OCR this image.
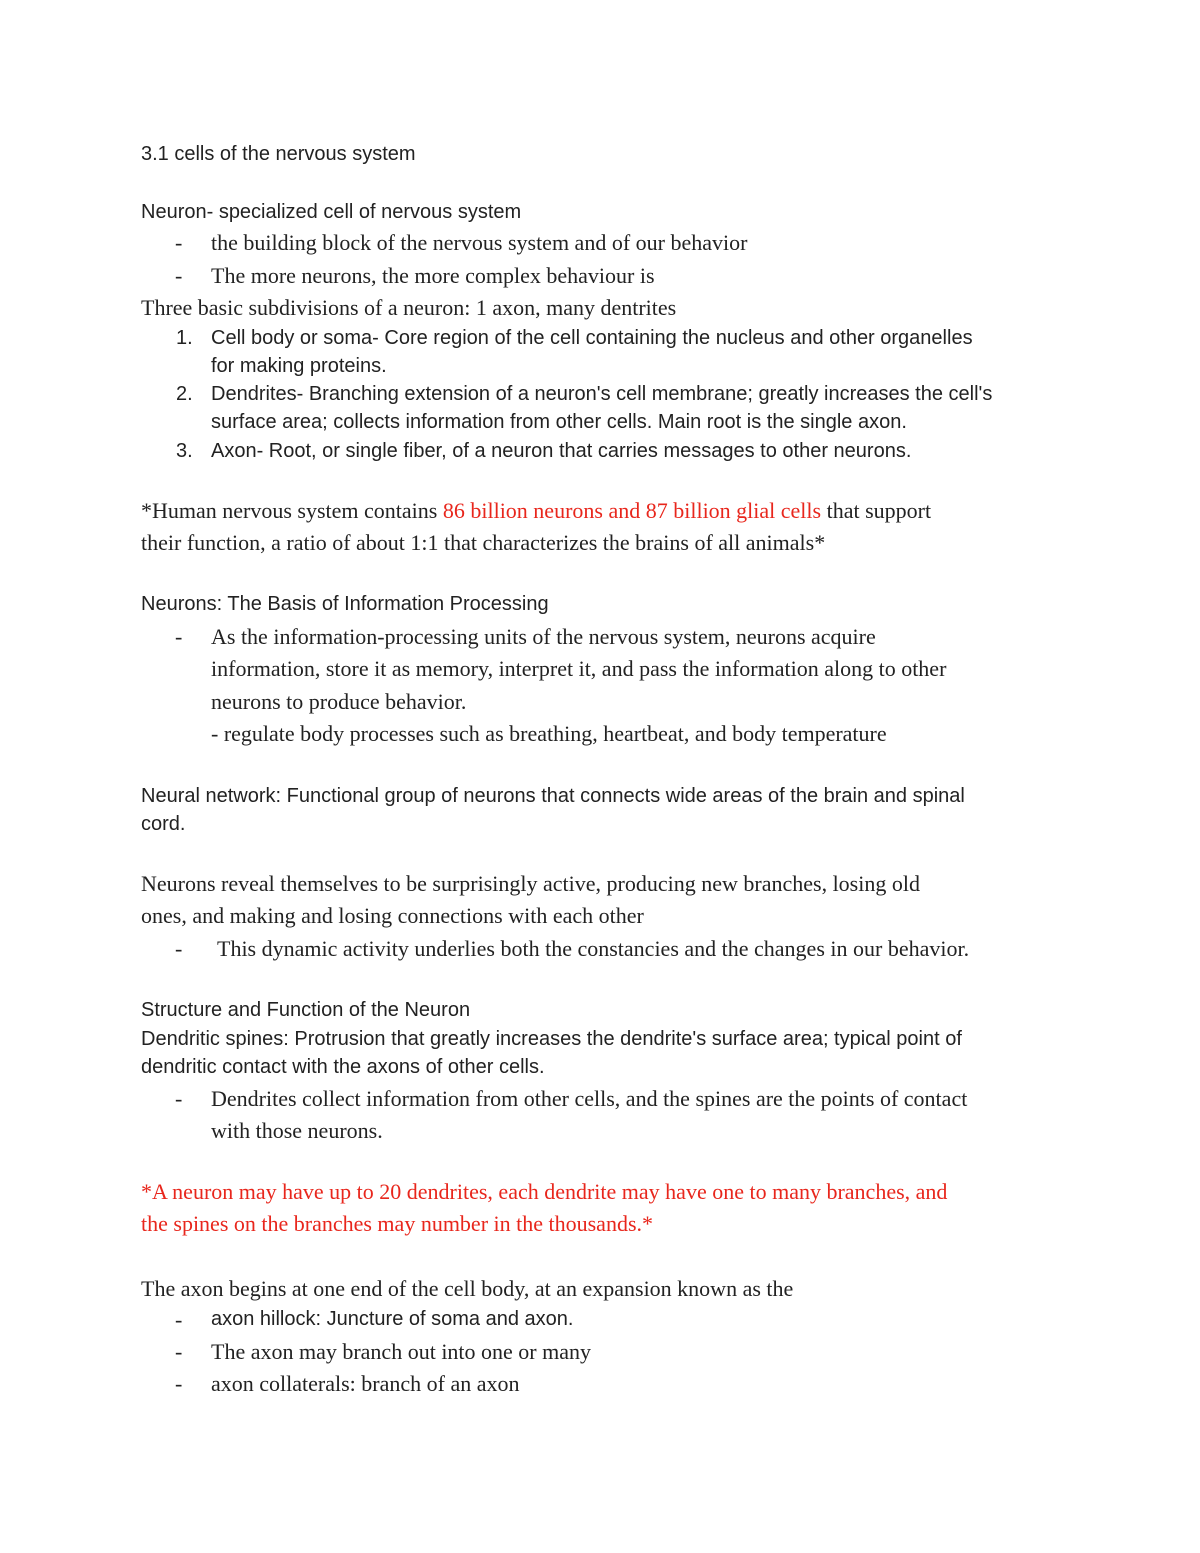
3.1 cells of the nervous system
Neuron- specialized cell of nervous system
- the building block of the nervous system and of our behavior
- The more neurons, the more complex behaviour is
Three basic subdivisions of a neuron: 1 axon, many dentrites
1. Cell body or soma- Core region of the cell containing the nucleus and other organelles
for making proteins.
2. Dendrites- Branching extension of a neuron's cell membrane; greatly increases the cell's
surface area; collects information from other cells. Main root is the single axon.
3. Axon- Root, or single fiber, of a neuron that carries messages to other neurons.
*Human nervous system contains 86 billion neurons and 87 billion glial cells that support
their function, a ratio of about 1:1 that characterizes the brains of all animals*
Neurons: The Basis of Information Processing
- As the information-processing units of the nervous system, neurons acquire
information, store it as memory, interpret it, and pass the information along to other
neurons to produce behavior.
- regulate body processes such as breathing, heartbeat, and body temperature
Neural network: Functional group of neurons that connects wide areas of the brain and spinal
cord.
Neurons reveal themselves to be surprisingly active, producing new branches, losing old
ones, and making and losing connections with each other
- This dynamic activity underlies both the constancies and the changes in our behavior.
Structure and Function of the Neuron
Dendritic spines: Protrusion that greatly increases the dendrite's surface area; typical point of
dendritic contact with the axons of other cells.
- Dendrites collect information from other cells, and the spines are the points of contact
with those neurons.
*A neuron may have up to 20 dendrites, each dendrite may have one to many branches, and
the spines on the branches may number in the thousands.*
The axon begins at one end of the cell body, at an expansion known as the
- axon hillock: Juncture of soma and axon.
- The axon may branch out into one or many
- axon collaterals: branch of an axon
